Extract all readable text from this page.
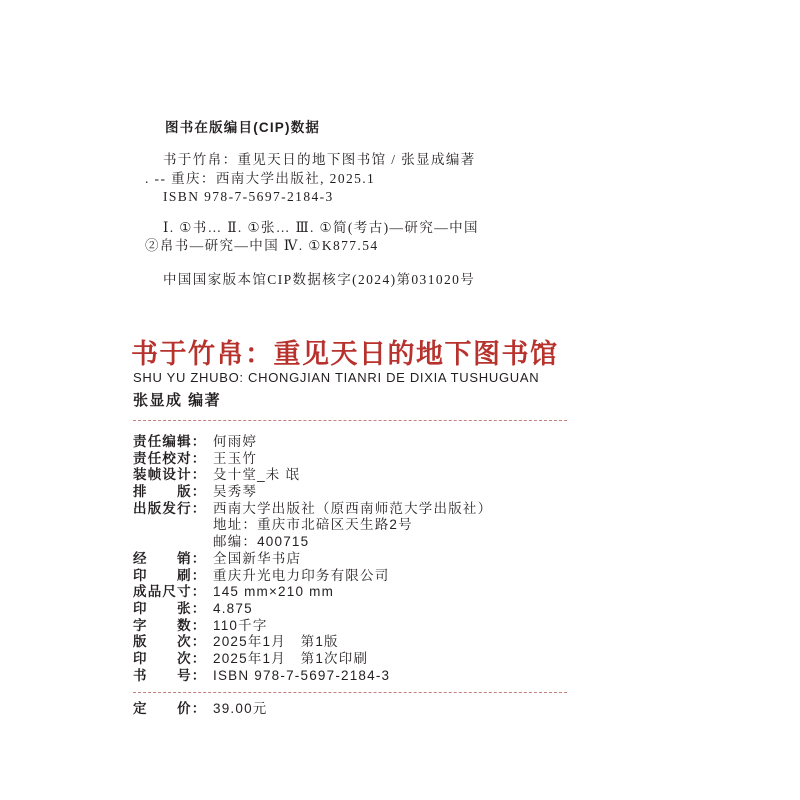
图书在版编目(CIP)数据
书于竹帛：重见天日的地下图书馆 / 张显成编著
. -- 重庆：西南大学出版社, 2025.1
ISBN 978-7-5697-2184-3
Ⅰ. ①书… Ⅱ. ①张… Ⅲ. ①简(考古)—研究—中国
②帛书—研究—中国 Ⅳ. ①K877.54
中国国家版本馆CIP数据核字(2024)第031020号
书于竹帛：重见天日的地下图书馆
SHU YU ZHUBO: CHONGJIAN TIANRI DE DIXIA TUSHUGUAN
张显成 编著
责任编辑： 何雨婷
责任校对： 王玉竹
装帧设计： 殳十堂_未 氓
排　　版： 吴秀琴
出版发行： 西南大学出版社（原西南师范大学出版社）
地址：重庆市北碚区天生路2号
邮编：400715
经　　销： 全国新华书店
印　　刷： 重庆升光电力印务有限公司
成品尺寸： 145 mm×210 mm
印　　张： 4.875
字　　数： 110千字
版　　次： 2025年1月　第1版
印　　次： 2025年1月　第1次印刷
书　　号： ISBN 978-7-5697-2184-3
定　　价： 39.00元
